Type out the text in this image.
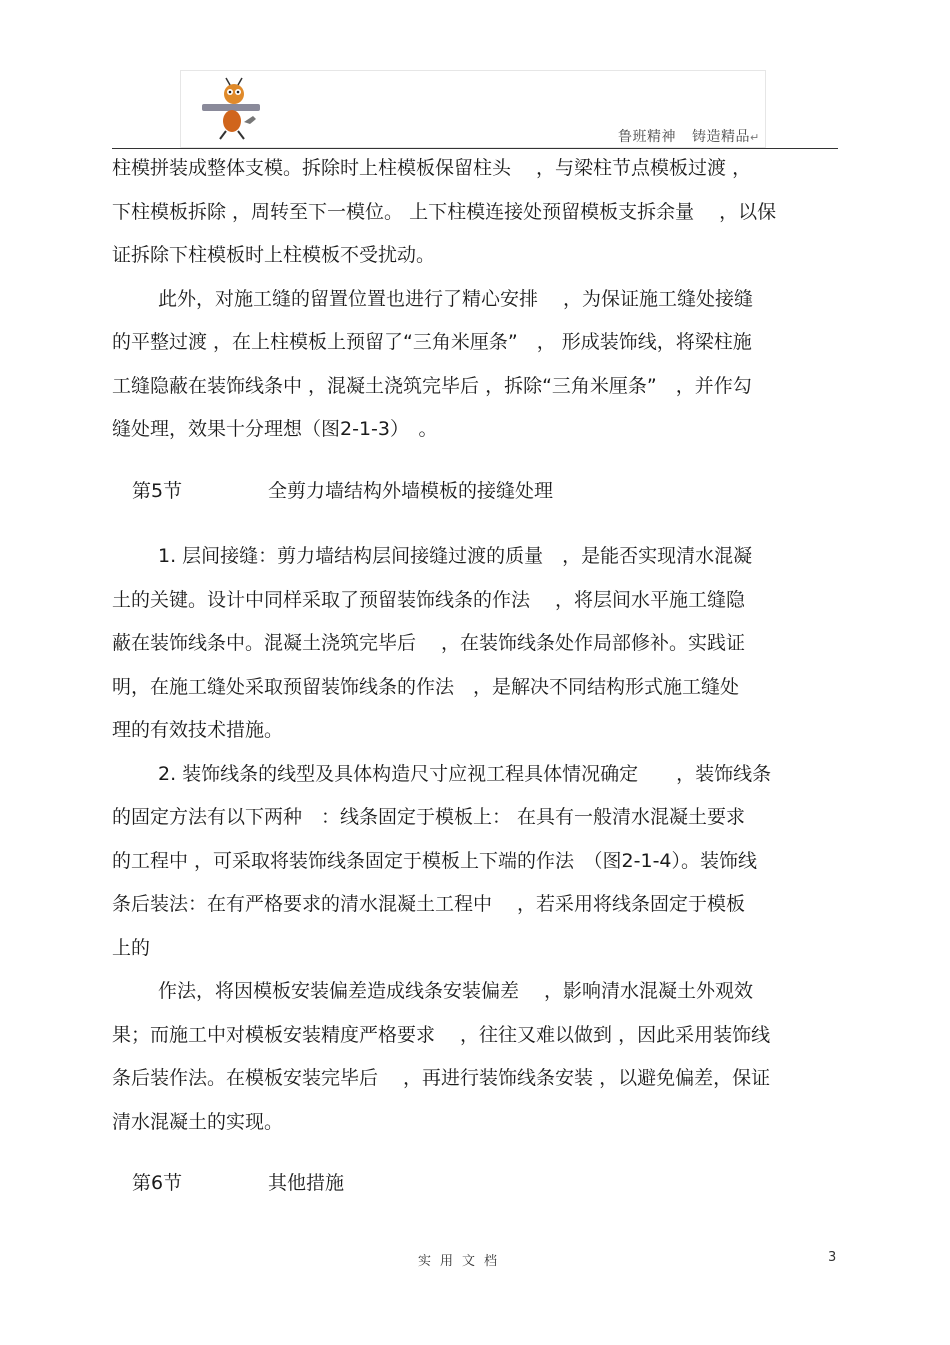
鲁班精神 铸造精品↵

柱模拼装成整体支模。拆除时上柱模板保留柱头　 ，与梁柱节点模板过渡 ，

下柱模板拆除 ，周转至下一模位。 上下柱模连接处预留模板支拆余量　 ，以保

证拆除下柱模板时上柱模板不受扰动。

此外，对施工缝的留置位置也进行了精心安排　 ，为保证施工缝处接缝

的平整过渡 ，在上柱模板上预留了“三角米厘条”　， 形成装饰线，将梁柱施

工缝隐蔽在装饰线条中 ，混凝土浇筑完毕后 ，拆除“三角米厘条”　，并作勾

缝处理，效果十分理想（图2-1-3）　。

第5节	全剪力墙结构外墙模板的接缝处理

1. 层间接缝：剪力墙结构层间接缝过渡的质量　，是能否实现清水混凝

土的关键。设计中同样采取了预留装饰线条的作法　 ，将层间水平施工缝隐

蔽在装饰线条中。混凝土浇筑完毕后　 ，在装饰线条处作局部修补。实践证

明，在施工缝处采取预留装饰线条的作法　，是解决不同结构形式施工缝处

理的有效技术措施。

2. 装饰线条的线型及具体构造尺寸应视工程具体情况确定　　，装饰线条

的固定方法有以下两种　：线条固定于模板上： 在具有一般清水混凝土要求

的工程中 ，可采取将装饰线条固定于模板上下端的作法　（图2-1-4）。装饰线

条后装法：在有严格要求的清水混凝土工程中　 ，若采用将线条固定于模板

上的

作法，将因模板安装偏差造成线条安装偏差　 ，影响清水混凝土外观效

果；而施工中对模板安装精度严格要求　 ，往往又难以做到 ，因此采用装饰线

条后装作法。在模板安装完毕后　 ，再进行装饰线条安装 ，以避免偏差，保证

清水混凝土的实现。

第6节	其他措施
实用文档	3
